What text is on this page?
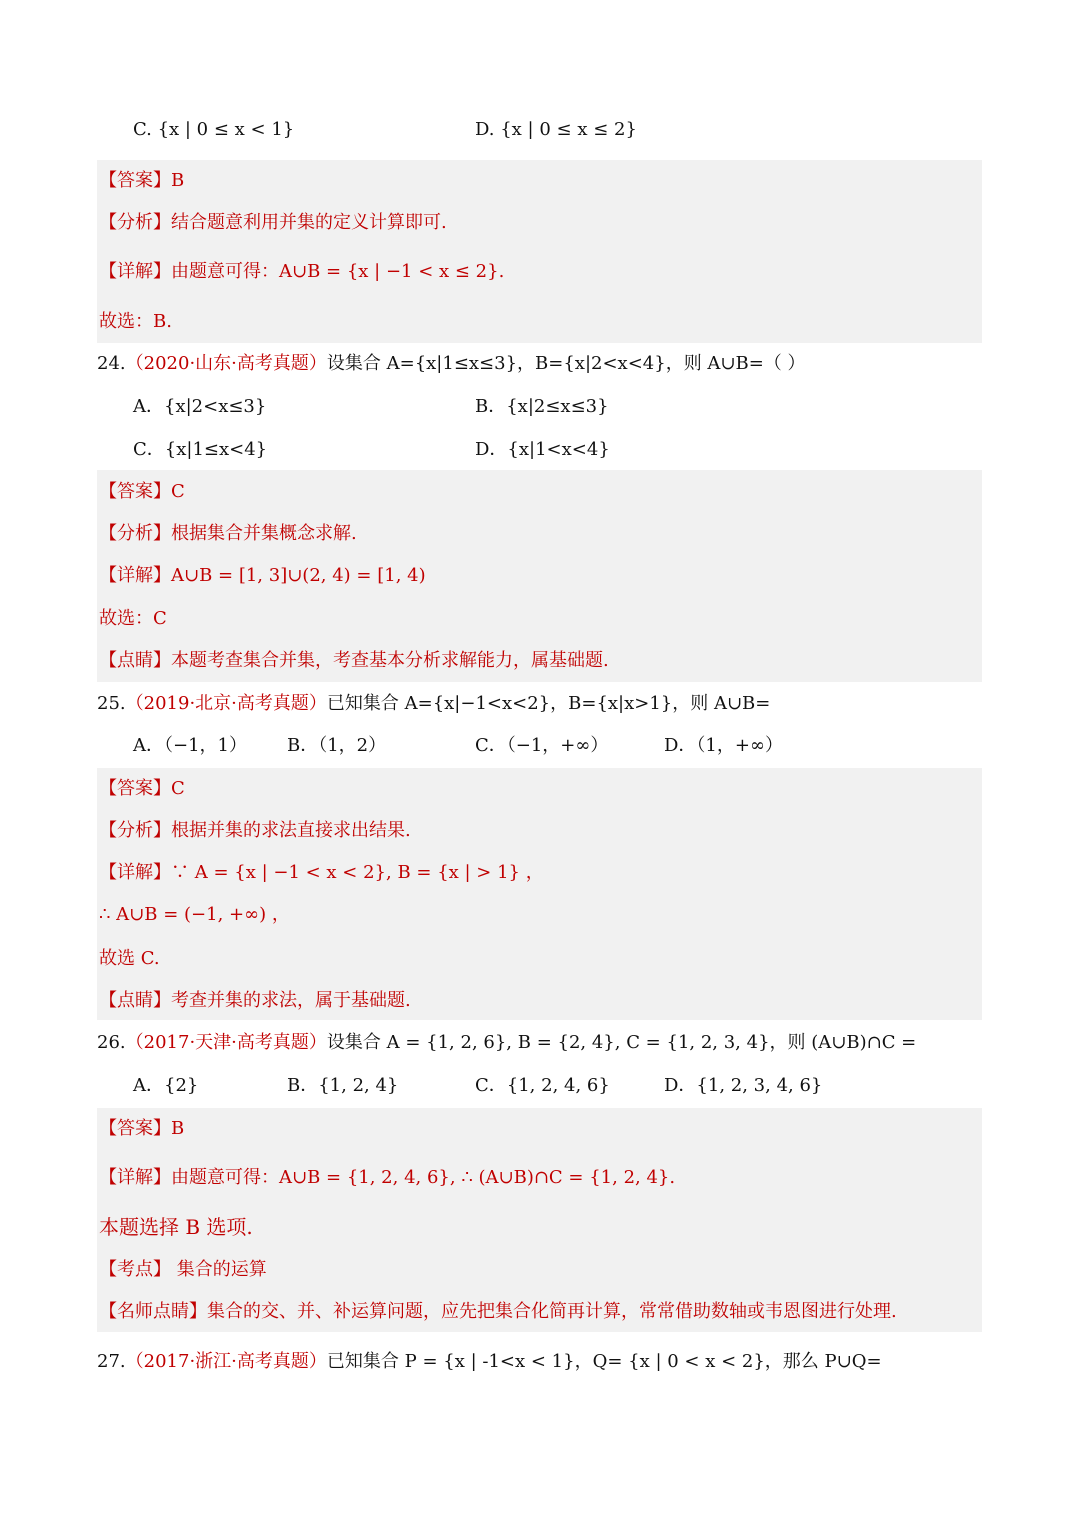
C. {x | 0 ≤ x < 1}	D. {x | 0 ≤ x ≤ 2}
【答案】B
【分析】结合题意利用并集的定义计算即可.
【详解】由题意可得：A∪B = {x | −1 < x ≤ 2}.
故选：B.
24.（2020·山东·高考真题）设集合 A={x|1≤x≤3}，B={x|2<x<4}，则 A∪B=（ ）
A．{x|2<x≤3}	B．{x|2≤x≤3}
C．{x|1≤x<4}	D．{x|1<x<4}
【答案】C
【分析】根据集合并集概念求解.
【详解】A∪B = [1, 3]∪(2, 4) = [1, 4)
故选：C
【点睛】本题考查集合并集，考查基本分析求解能力，属基础题.
25.（2019·北京·高考真题）已知集合 A={x|−1<x<2}，B={x|x>1}，则 A∪B=
A．（−1，1） B．（1，2）	C．（−1，+∞）	D．（1，+∞）
【答案】C
【分析】根据并集的求法直接求出结果.
【详解】∵ A = {x | −1 < x < 2}, B = {x | > 1} ，
∴ A∪B = (−1, +∞) ，
故选 C.
【点睛】考查并集的求法，属于基础题.
26.（2017·天津·高考真题）设集合 A = {1, 2, 6}, B = {2, 4}, C = {1, 2, 3, 4}，则 (A∪B)∩C =
A．{2}	B．{1, 2, 4}	C．{1, 2, 4, 6}	D．{1, 2, 3, 4, 6}
【答案】B
【详解】由题意可得：A∪B = {1, 2, 4, 6}, ∴ (A∪B)∩C = {1, 2, 4}.
本题选择 B 选项.
【考点】 集合的运算
【名师点睛】集合的交、并、补运算问题，应先把集合化简再计算，常常借助数轴或韦恩图进行处理.
27.（2017·浙江·高考真题）已知集合 P = {x | -1<x < 1}，Q= {x | 0 < x < 2}，那么 P∪Q=
